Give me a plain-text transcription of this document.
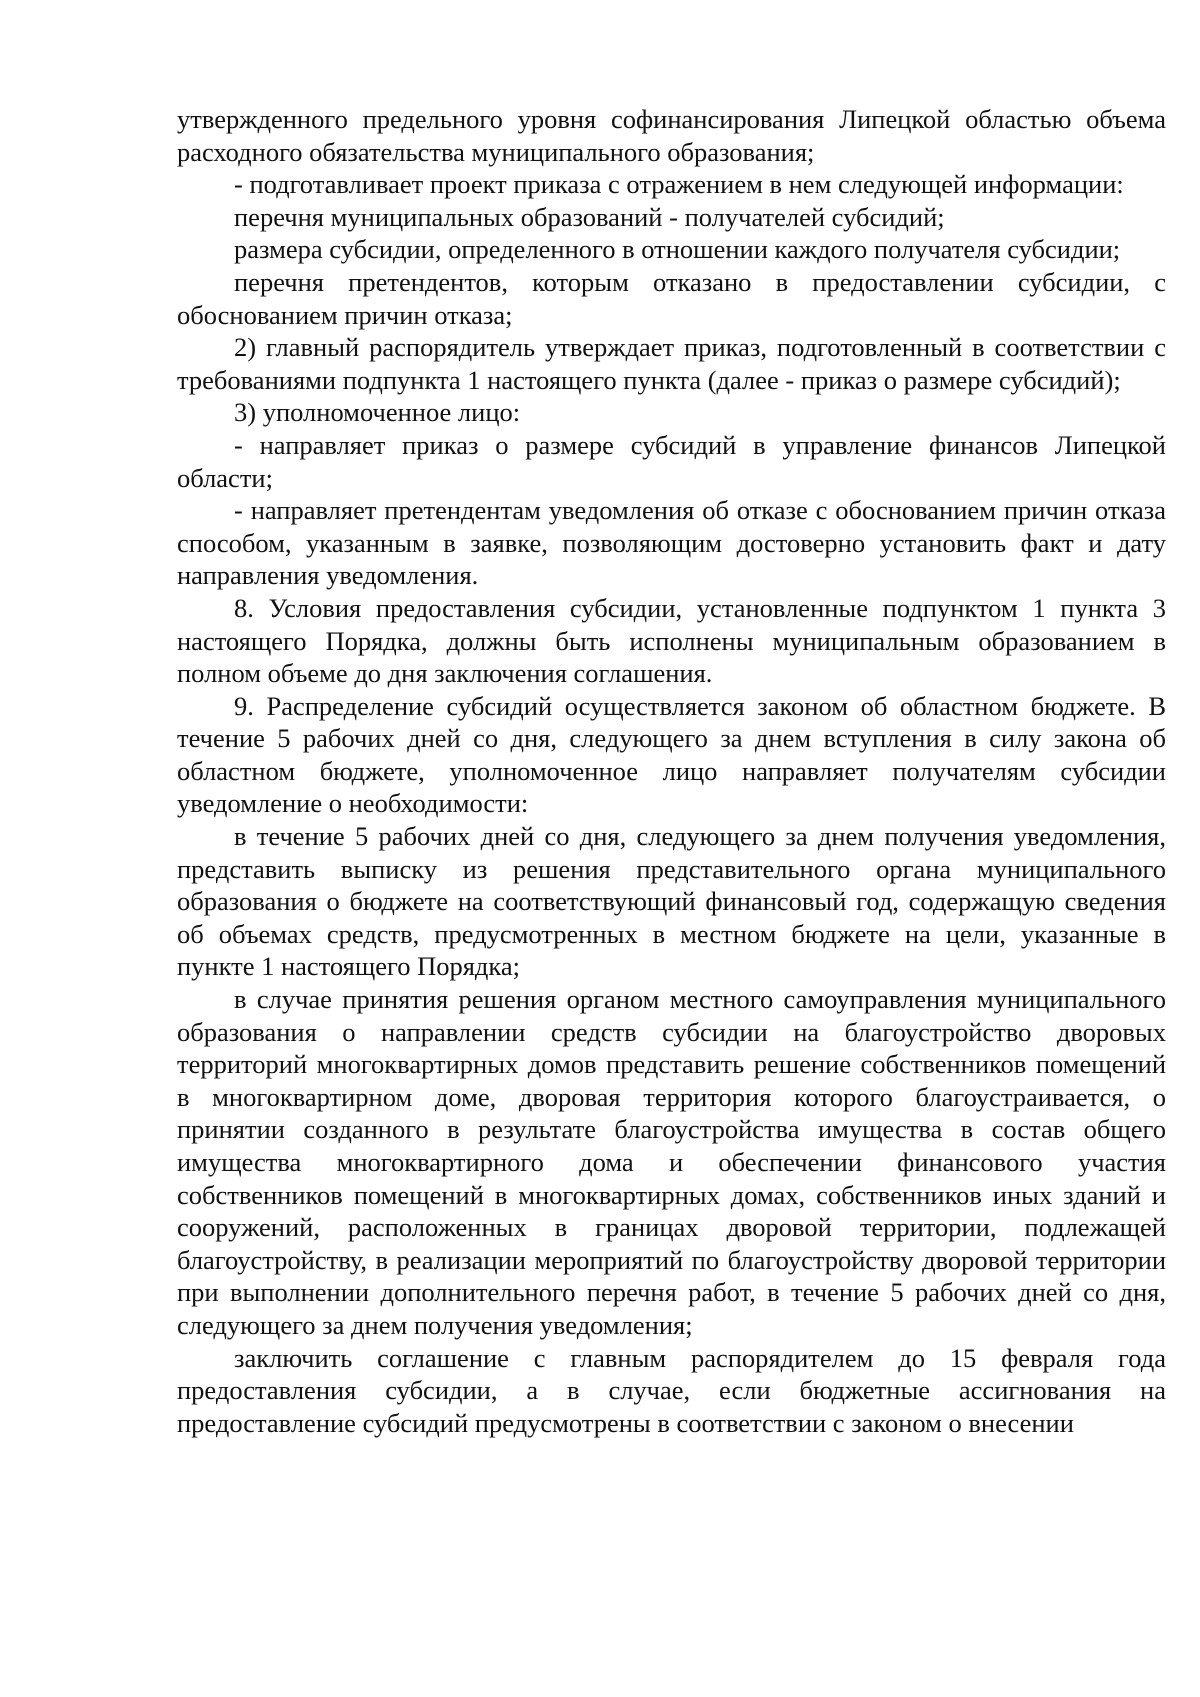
утвержденного предельного уровня софинансирования Липецкой областью объема расходного обязательства муниципального образования;

- подготавливает проект приказа с отражением в нем следующей информации:

перечня муниципальных образований - получателей субсидий;

размера субсидии, определенного в отношении каждого получателя субсидии;

перечня претендентов, которым отказано в предоставлении субсидии, с обоснованием причин отказа;

2) главный распорядитель утверждает приказ, подготовленный в соответствии с требованиями подпункта 1 настоящего пункта (далее - приказ о размере субсидий);

3) уполномоченное лицо:

- направляет приказ о размере субсидий в управление финансов Липецкой области;

- направляет претендентам уведомления об отказе с обоснованием причин отказа способом, указанным в заявке, позволяющим достоверно установить факт и дату направления уведомления.

8. Условия предоставления субсидии, установленные подпунктом 1 пункта 3 настоящего Порядка, должны быть исполнены муниципальным образованием в полном объеме до дня заключения соглашения.

9. Распределение субсидий осуществляется законом об областном бюджете. В течение 5 рабочих дней со дня, следующего за днем вступления в силу закона об областном бюджете, уполномоченное лицо направляет получателям субсидии уведомление о необходимости:

в течение 5 рабочих дней со дня, следующего за днем получения уведомления, представить выписку из решения представительного органа муниципального образования о бюджете на соответствующий финансовый год, содержащую сведения об объемах средств, предусмотренных в местном бюджете на цели, указанные в пункте 1 настоящего Порядка;

в случае принятия решения органом местного самоуправления муниципального образования о направлении средств субсидии на благоустройство дворовых территорий многоквартирных домов представить решение собственников помещений в многоквартирном доме, дворовая территория которого благоустраивается, о принятии созданного в результате благоустройства имущества в состав общего имущества многоквартирного дома и обеспечении финансового участия собственников помещений в многоквартирных домах, собственников иных зданий и сооружений, расположенных в границах дворовой территории, подлежащей благоустройству, в реализации мероприятий по благоустройству дворовой территории при выполнении дополнительного перечня работ, в течение 5 рабочих дней со дня, следующего за днем получения уведомления;

заключить соглашение с главным распорядителем до 15 февраля года предоставления субсидии, а в случае, если бюджетные ассигнования на предоставление субсидий предусмотрены в соответствии с законом о внесении
